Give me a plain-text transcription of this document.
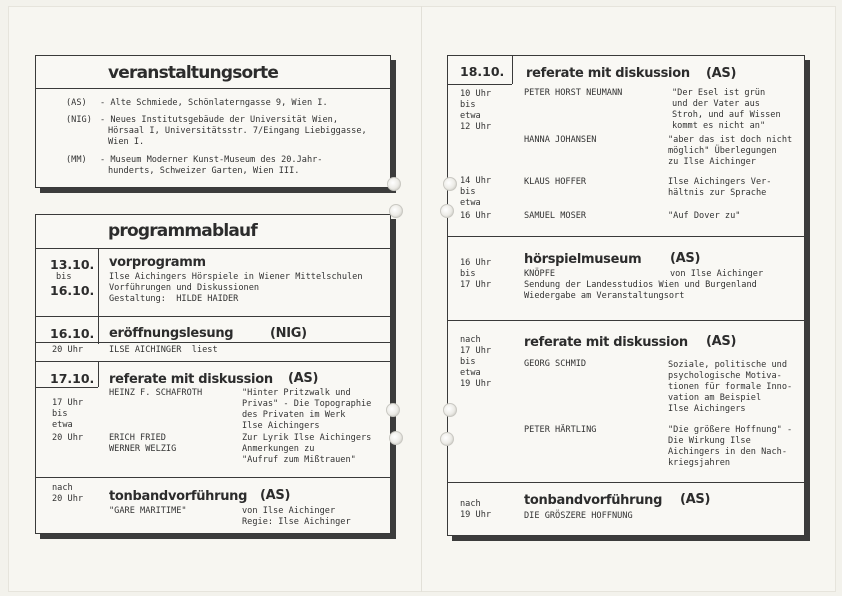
veranstaltungsorte
(AS) - Alte Schmiede, Schönlaterngasse 9, Wien I.
(NIG) - Neues Institutsgebäude der Universität Wien,
Hörsaal I, Universitätsstr. 7/Eingang Liebiggasse,
Wien I.
(MM) - Museum Moderner Kunst-Museum des 20.Jahr-
hunderts, Schweizer Garten, Wien III.
programmablauf
13.10.
bis
16.10.
vorprogramm
Ilse Aichingers Hörspiele in Wiener Mittelschulen
Vorführungen und Diskussionen
Gestaltung:  HILDE HAIDER
16.10. eröffnungslesung	(NIG)
20 Uhr	ILSE AICHINGER  liest
17.10. referate mit diskussion (AS)
17 Uhr
bis
etwa
20 Uhr
HEINZ F. SCHAFROTH	"Hinter Pritzwalk und
Privas" - Die Topographie
des Privaten im Werk
Ilse Aichingers
ERICH FRIED	Zur Lyrik Ilse Aichingers
WERNER WELZIG	Anmerkungen zu
"Aufruf zum Mißtrauen"
nach
20 Uhr tonbandvorführung (AS)
"GARE MARITIME"	von Ilse Aichinger
Regie: Ilse Aichinger
18.10. referate mit diskussion (AS)
10 Uhr
bis
etwa
12 Uhr
PETER HORST NEUMANN	"Der Esel ist grün
und der Vater aus
Stroh, und auf Wissen
kommt es nicht an"
HANNA JOHANSEN	"aber das ist doch nicht
möglich" Überlegungen
zu Ilse Aichinger
14 Uhr
bis
etwa
16 Uhr
KLAUS HOFFER	Ilse Aichingers Ver-
hältnis zur Sprache
SAMUEL MOSER	"Auf Dover zu"
16 Uhr
bis
17 Uhr
hörspielmuseum (AS)
KNÖPFE	von Ilse Aichinger
Sendung der Landesstudios Wien und Burgenland
Wiedergabe am Veranstaltungsort
nach
17 Uhr
bis
etwa
19 Uhr
referate mit diskussion (AS)
GEORG SCHMID	Soziale, politische und
psychologische Motiva-
tionen für formale Inno-
vation am Beispiel
Ilse Aichingers
PETER HÄRTLING	"Die größere Hoffnung" -
Die Wirkung Ilse
Aichingers in den Nach-
kriegsjahren
nach
19 Uhr
tonbandvorführung (AS)
DIE GRÖSZERE HOFFNUNG
